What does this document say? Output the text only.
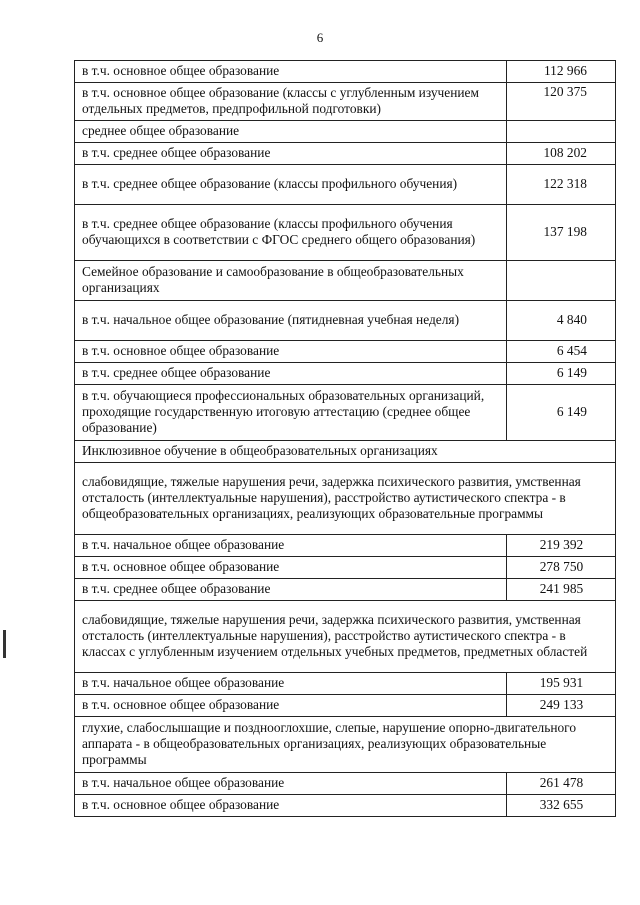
6
в т.ч. основное общее образование	112 966
в т.ч. основное общее образование (классы с углубленным изучением отдельных предметов, предпрофильной подготовки)	120 375
среднее общее образование	
в т.ч. среднее общее образование	108 202
в т.ч. среднее общее образование (классы профильного обучения)	122 318
в т.ч. среднее общее образование (классы профильного обучения обучающихся в соответствии с ФГОС среднего общего образования)	137 198
Семейное образование и самообразование в общеобразовательных организациях	
в т.ч. начальное общее образование (пятидневная учебная неделя)	4 840
в т.ч. основное общее образование	6 454
в т.ч. среднее общее образование	6 149
в т.ч. обучающиеся профессиональных образовательных организаций, проходящие государственную итоговую аттестацию (среднее общее образование)	6 149
Инклюзивное обучение в общеобразовательных организациях	
слабовидящие, тяжелые нарушения речи, задержка психического развития, умственная отсталость (интеллектуальные нарушения), расстройство аутистического спектра - в общеобразовательных организациях, реализующих образовательные программы	
в т.ч. начальное общее образование	219 392
в т.ч. основное общее образование	278 750
в т.ч. среднее общее образование	241 985
слабовидящие, тяжелые нарушения речи, задержка психического развития, умственная отсталость (интеллектуальные нарушения), расстройство аутистического спектра - в классах с углубленным изучением отдельных учебных предметов, предметных областей	
в т.ч. начальное общее образование	195 931
в т.ч. основное общее образование	249 133
глухие, слабослышащие и позднооглохшие, слепые, нарушение опорно-двигательного аппарата - в общеобразовательных организациях, реализующих образовательные программы	
в т.ч. начальное общее образование	261 478
в т.ч. основное общее образование	332 655
